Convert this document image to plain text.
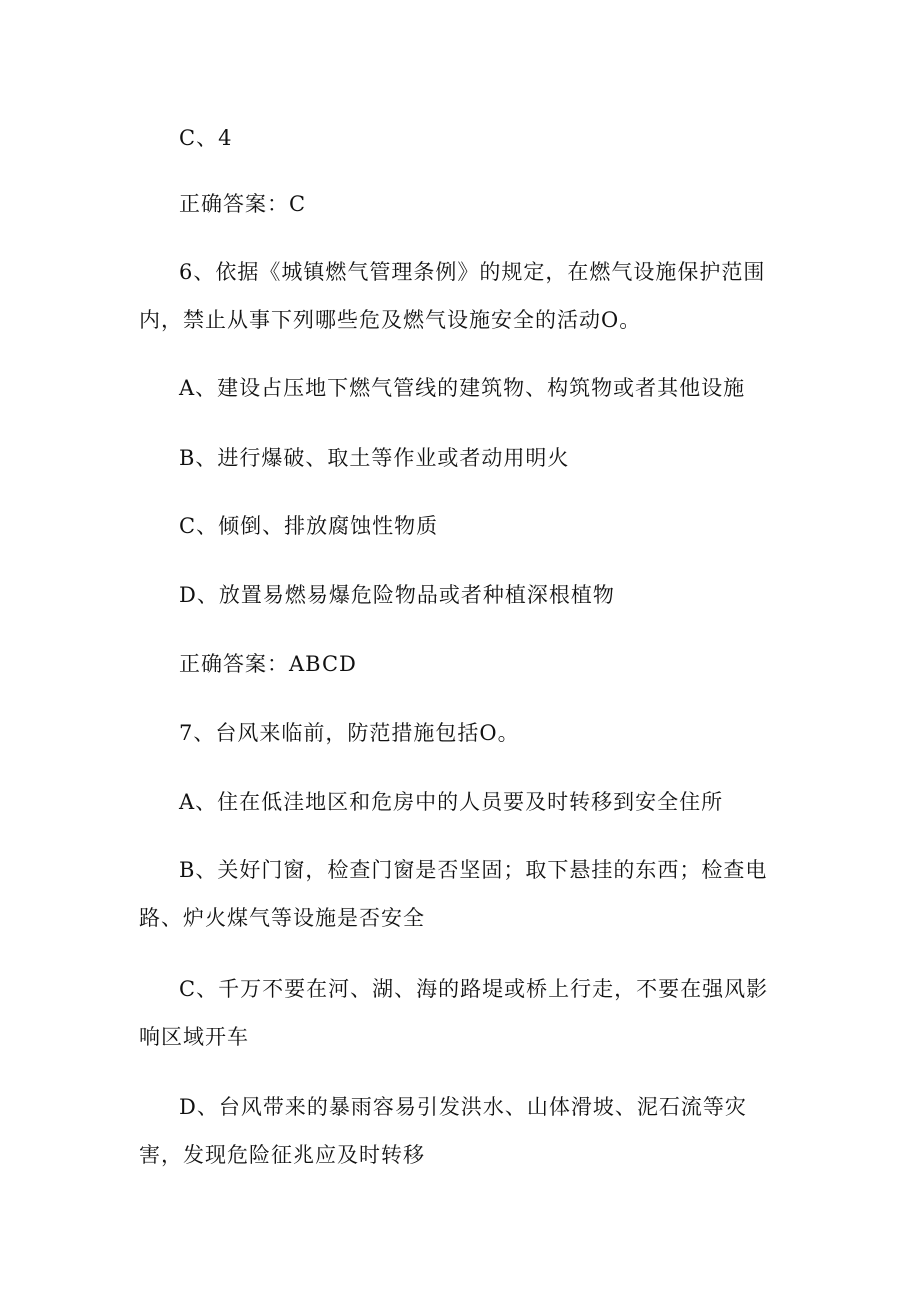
C、4
正确答案：C
6、依据《城镇燃气管理条例》的规定，在燃气设施保护范围内，禁止从事下列哪些危及燃气设施安全的活动O。
A、建设占压地下燃气管线的建筑物、构筑物或者其他设施
B、进行爆破、取土等作业或者动用明火
C、倾倒、排放腐蚀性物质
D、放置易燃易爆危险物品或者种植深根植物
正确答案：ABCD
7、台风来临前，防范措施包括O。
A、住在低洼地区和危房中的人员要及时转移到安全住所
B、关好门窗，检查门窗是否坚固；取下悬挂的东西；检查电路、炉火煤气等设施是否安全
C、千万不要在河、湖、海的路堤或桥上行走，不要在强风影响区域开车
D、台风带来的暴雨容易引发洪水、山体滑坡、泥石流等灾害，发现危险征兆应及时转移
